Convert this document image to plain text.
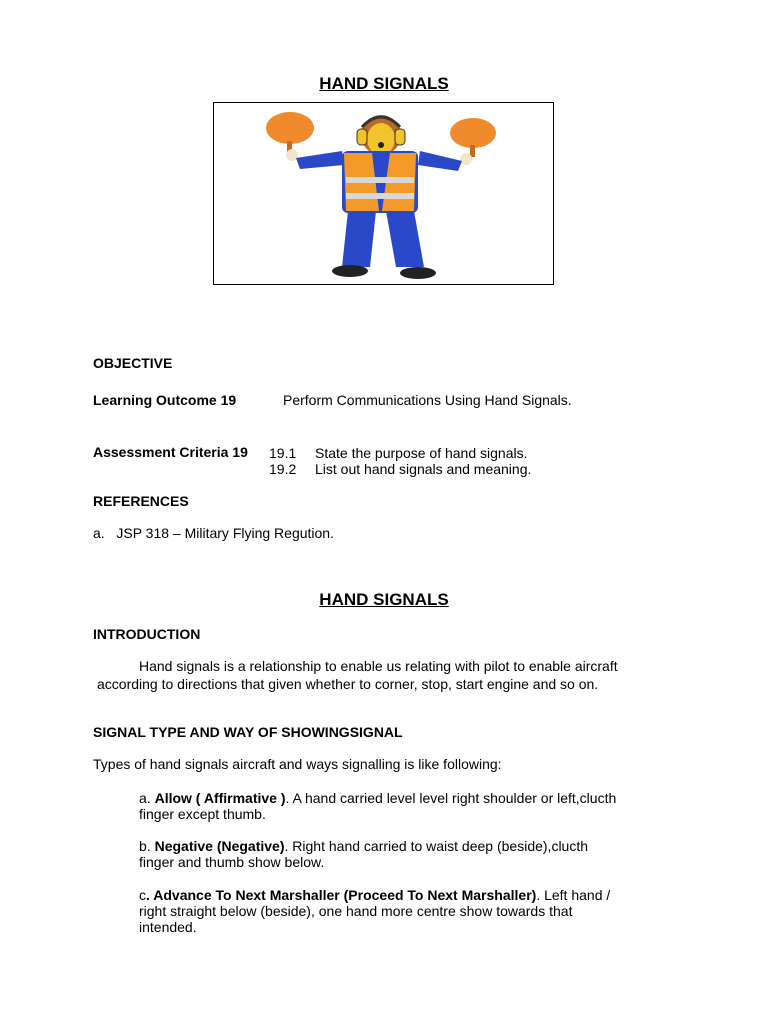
HAND SIGNALS
OBJECTIVE
Learning Outcome 19	Perform Communications Using Hand Signals.
Assessment Criteria 19 19.1 State the purpose of hand signals.
19.2 List out hand signals and meaning.
REFERENCES
a. JSP 318 – Military Flying Regution.
HAND SIGNALS
INTRODUCTION
Hand signals is a relationship to enable us relating with pilot to enable aircraft
according to directions that given whether to corner, stop, start engine and so on.
SIGNAL TYPE AND WAY OF SHOWINGSIGNAL
Types of hand signals aircraft and ways signalling is like following:
a. Allow ( Affirmative ). A hand carried level level right shoulder or left,clucth
finger except thumb.
b. Negative (Negative). Right hand carried to waist deep (beside),clucth
finger and thumb show below.
c. Advance To Next Marshaller (Proceed To Next Marshaller). Left hand /
right straight below (beside), one hand more centre show towards that
intended.
